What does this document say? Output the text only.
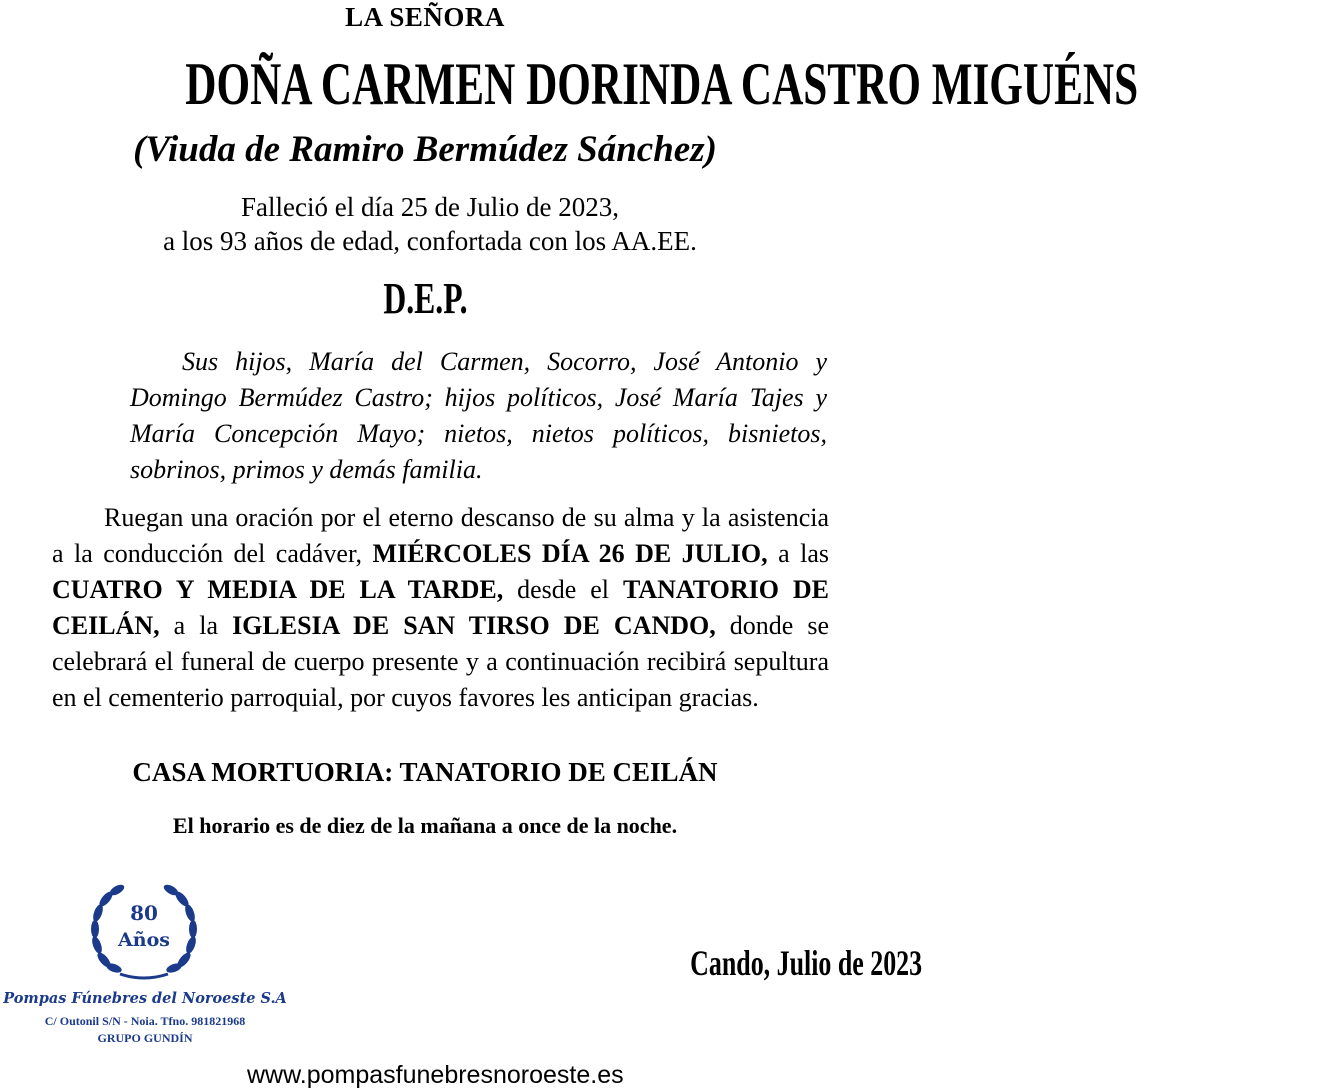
LA SEÑORA
DOÑA CARMEN DORINDA CASTRO MIGUÉNS
(Viuda de Ramiro Bermúdez Sánchez)
Falleció el día 25 de Julio de 2023,
a los 93 años de edad, confortada con los AA.EE.
D.E.P.
Sus hijos, María del Carmen, Socorro, José Antonio y Domingo Bermúdez Castro; hijos políticos, José María Tajes y María Concepción Mayo; nietos, nietos políticos, bisnietos, sobrinos, primos y demás familia.
Ruegan una oración por el eterno descanso de su alma y la asistencia a la conducción del cadáver, MIÉRCOLES DÍA 26 DE JULIO, a las CUATRO Y MEDIA DE LA TARDE, desde el TANATORIO DE CEILÁN, a la IGLESIA DE SAN TIRSO DE CANDO, donde se celebrará el funeral de cuerpo presente y a continuación recibirá sepultura en el cementerio parroquial, por cuyos favores les anticipan gracias.
CASA MORTUORIA: TANATORIO DE CEILÁN
El horario es de diez de la mañana a once de la noche.
Cando, Julio de 2023
80
Años
Pompas Fúnebres del Noroeste S.A
C/ Outonil S/N - Noia. Tfno. 981821968
GRUPO GUNDÍN
www.pompasfunebresnoroeste.es
